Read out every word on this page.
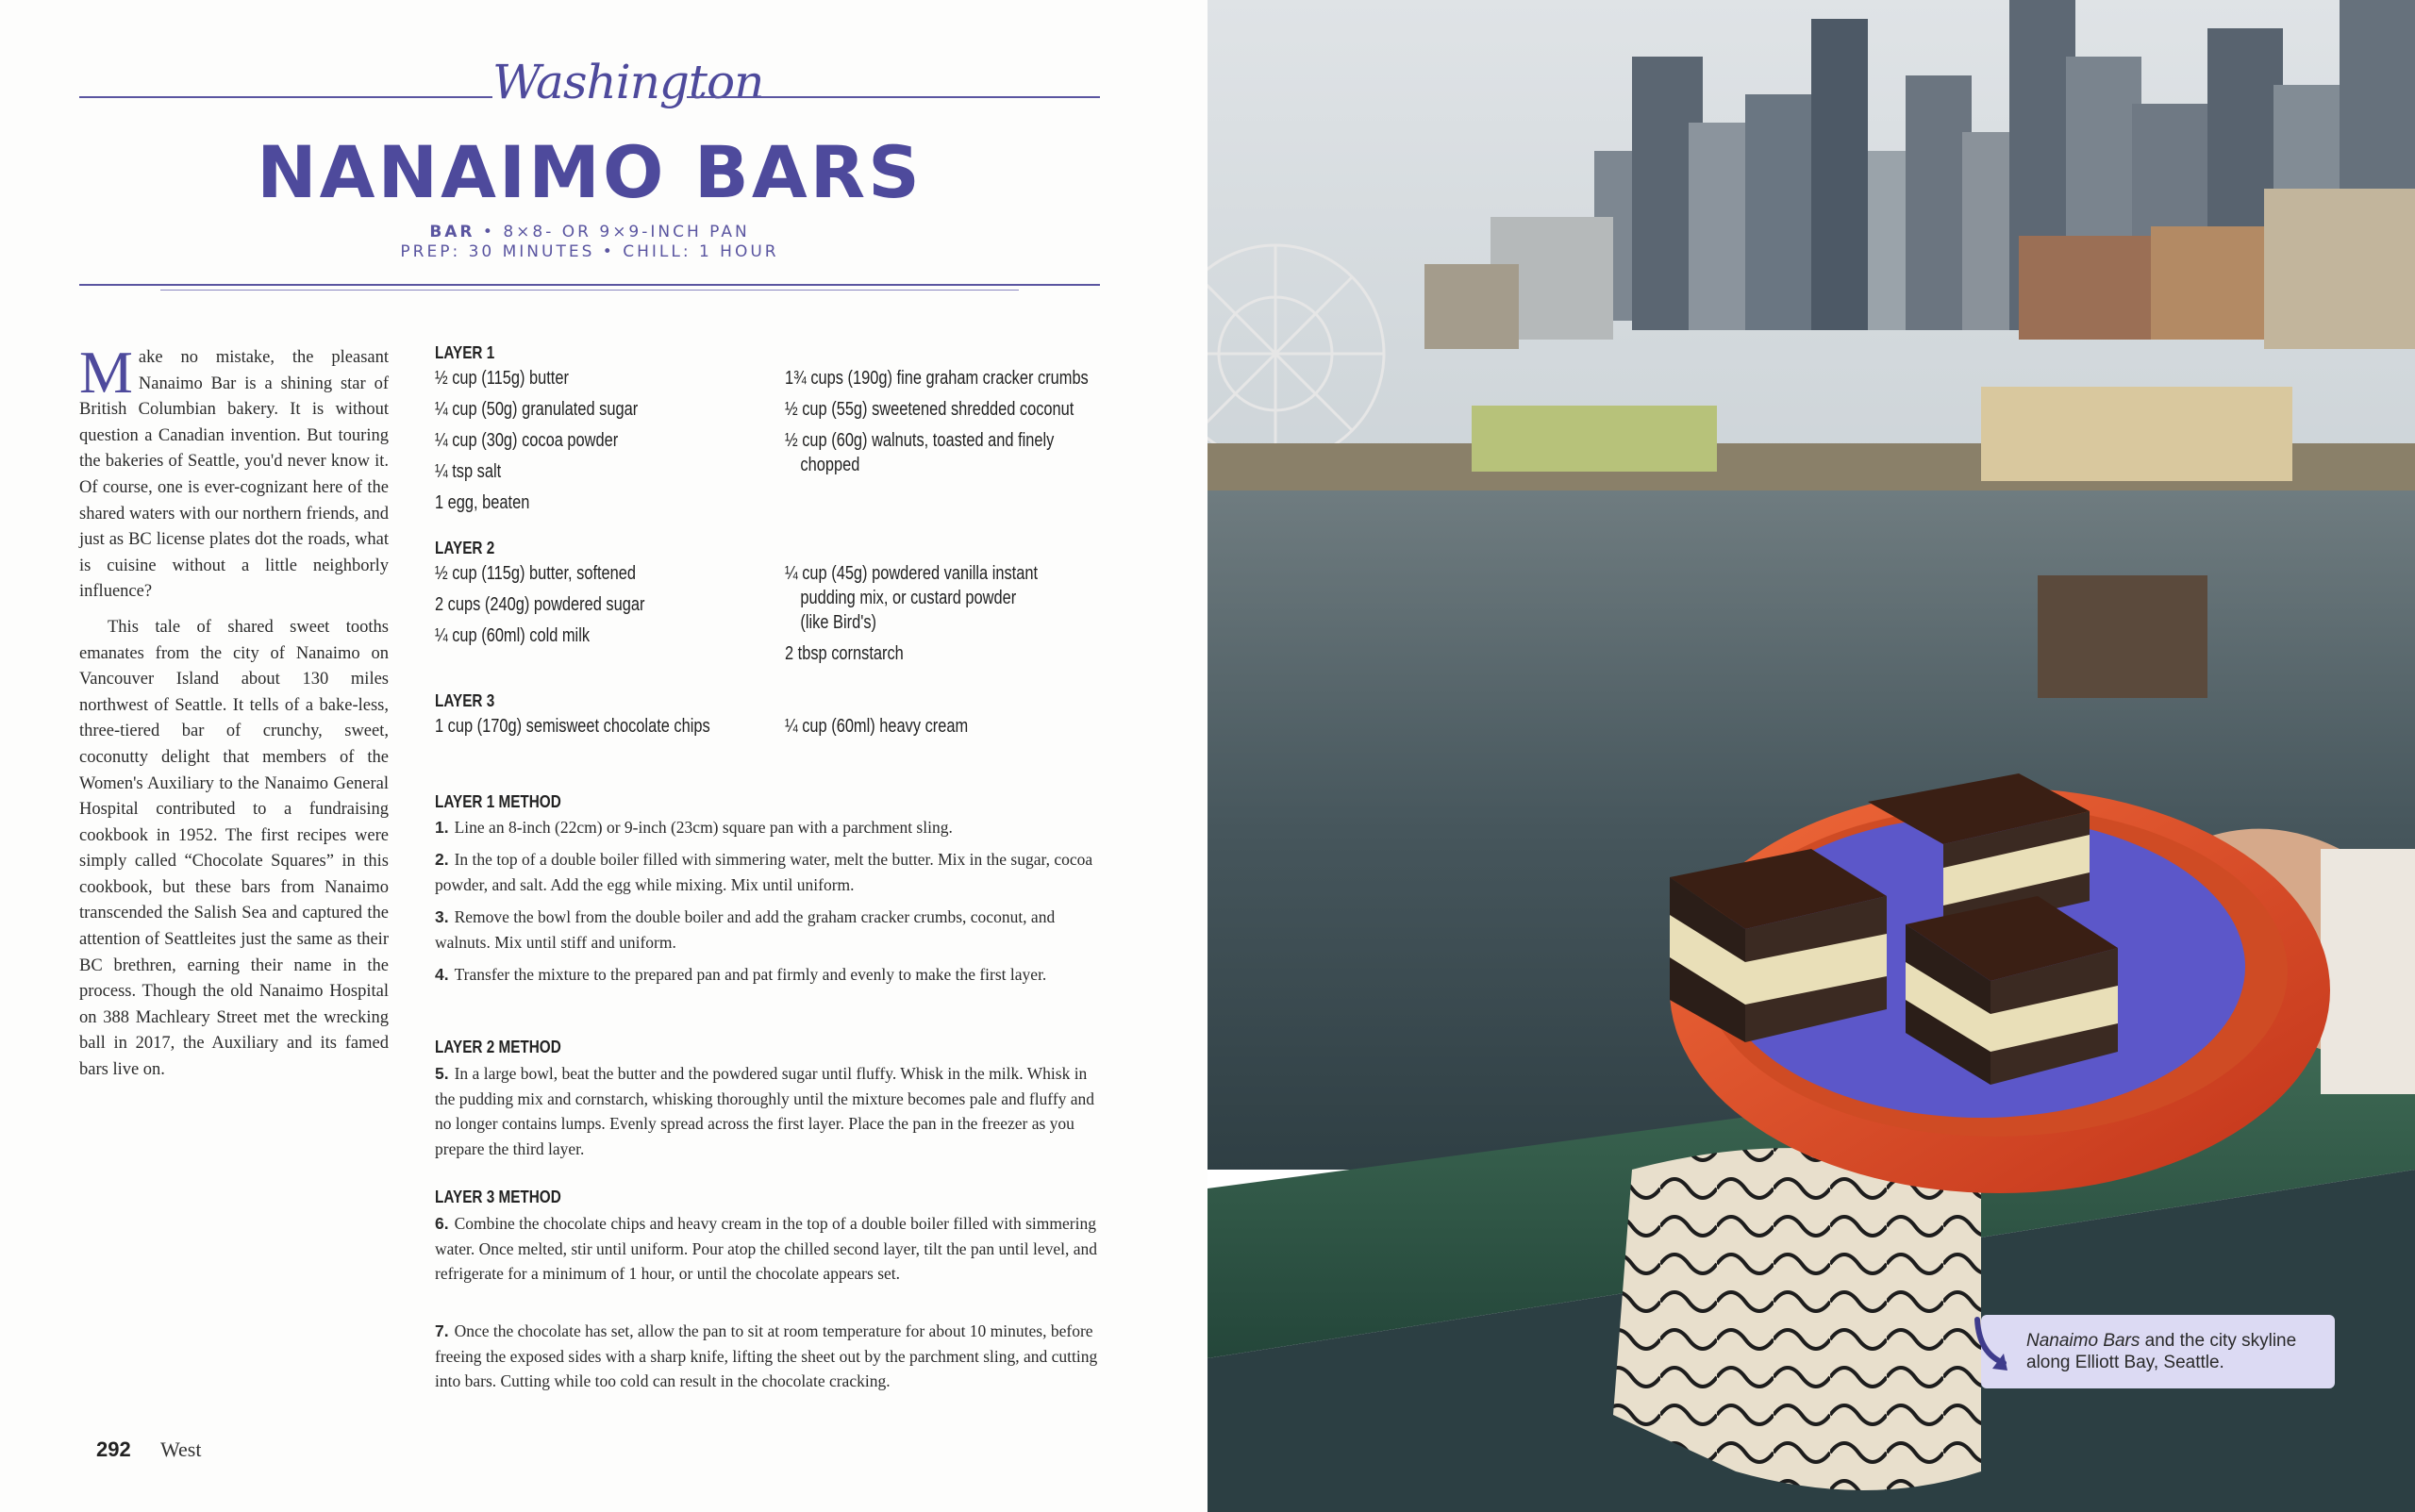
Washington
NANAIMO BARS
BAR • 8×8- OR 9×9-INCH PAN
PREP: 30 MINUTES • CHILL: 1 HOUR

Make no mistake, the pleasant Nanaimo Bar is a shining star of British Columbian bakery. It is without question a Canadian invention. But touring the bakeries of Seattle, you'd never know it. Of course, one is ever-cognizant here of the shared waters with our northern friends, and just as BC license plates dot the roads, what is cuisine without a little neighborly influence?

This tale of shared sweet tooths emanates from the city of Nanaimo on Vancouver Island about 130 miles northwest of Seattle. It tells of a bake-less, three-tiered bar of crunchy, sweet, coconutty delight that members of the Women's Auxiliary to the Nanaimo General Hospital contributed to a fundraising cookbook in 1952. The first recipes were simply called “Chocolate Squares” in this cookbook, but these bars from Nanaimo transcended the Salish Sea and captured the attention of Seattleites just the same as their BC brethren, earning their name in the process. Though the old Nanaimo Hospital on 388 Machleary Street met the wrecking ball in 2017, the Auxiliary and its famed bars live on.

LAYER 1
½ cup (115g) butter
¼ cup (50g) granulated sugar
¼ cup (30g) cocoa powder
¼ tsp salt
1 egg, beaten
1¾ cups (190g) fine graham cracker crumbs
½ cup (55g) sweetened shredded coconut
½ cup (60g) walnuts, toasted and finely
chopped
LAYER 2
½ cup (115g) butter, softened
2 cups (240g) powdered sugar
¼ cup (60ml) cold milk
¼ cup (45g) powdered vanilla instant
pudding mix, or custard powder
(like Bird's)
2 tbsp cornstarch
LAYER 3
1 cup (170g) semisweet chocolate chips	¼ cup (60ml) heavy cream
LAYER 1 METHOD
1. Line an 8-inch (22cm) or 9-inch (23cm) square pan with a parchment sling.
2. In the top of a double boiler filled with simmering water, melt the butter. Mix in the sugar, cocoa powder, and salt. Add the egg while mixing. Mix until uniform.
3. Remove the bowl from the double boiler and add the graham cracker crumbs, coconut, and walnuts. Mix until stiff and uniform.
4. Transfer the mixture to the prepared pan and pat firmly and evenly to make the first layer.
LAYER 2 METHOD
5. In a large bowl, beat the butter and the powdered sugar until fluffy. Whisk in the milk. Whisk in the pudding mix and cornstarch, whisking thoroughly until the mixture becomes pale and fluffy and no longer contains lumps. Evenly spread across the first layer. Place the pan in the freezer as you prepare the third layer.
LAYER 3 METHOD
6. Combine the chocolate chips and heavy cream in the top of a double boiler filled with simmering water. Once melted, stir until uniform. Pour atop the chilled second layer, tilt the pan until level, and refrigerate for a minimum of 1 hour, or until the chocolate appears set.
7. Once the chocolate has set, allow the pan to sit at room temperature for about 10 minutes, before freeing the exposed sides with a sharp knife, lifting the sheet out by the parchment sling, and cutting into bars. Cutting while too cold can result in the chocolate cracking.
292 West
Nanaimo Bars and the city skyline along Elliott Bay, Seattle.
